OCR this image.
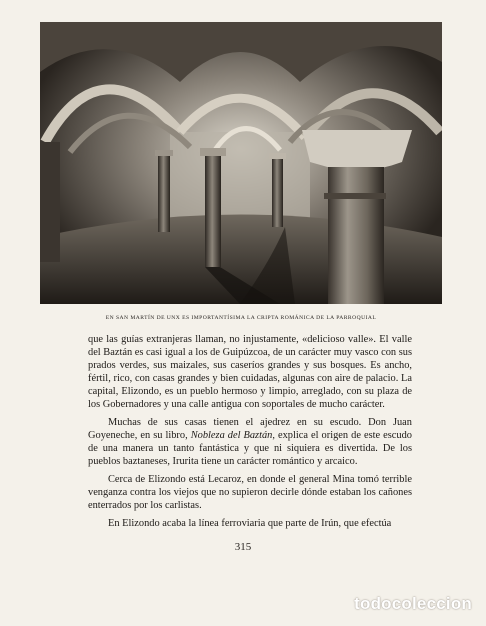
EN SAN MARTÍN DE UNX ES IMPORTANTÍSIMA LA CRIPTA ROMÁNICA DE LA PARROQUIAL

que las guías extranjeras llaman, no injustamente, «delicioso valle». El valle del Baztán es casi igual a los de Guipúzcoa, de un carácter muy vasco con sus prados verdes, sus maizales, sus caseríos grandes y sus bosques. Es ancho, fértil, rico, con casas grandes y bien cuidadas, algunas con aire de palacio. La capital, Elizondo, es un pueblo hermoso y limpio, arreglado, con su plaza de los Gobernadores y una calle antigua con soportales de mucho carácter.

Muchas de sus casas tienen el ajedrez en su escudo. Don Juan Goyeneche, en su libro, Nobleza del Baztán, explica el origen de este escudo de una manera un tanto fantástica y que ni siquiera es divertida. De los pueblos baztaneses, Irurita tiene un carácter romántico y arcaico.

Cerca de Elizondo está Lecaroz, en donde el general Mina tomó terrible venganza contra los viejos que no supieron decirle dónde estaban los cañones enterrados por los carlistas.

En Elizondo acaba la línea ferroviaria que parte de Irún, que efectúa

315
todocoleccion
